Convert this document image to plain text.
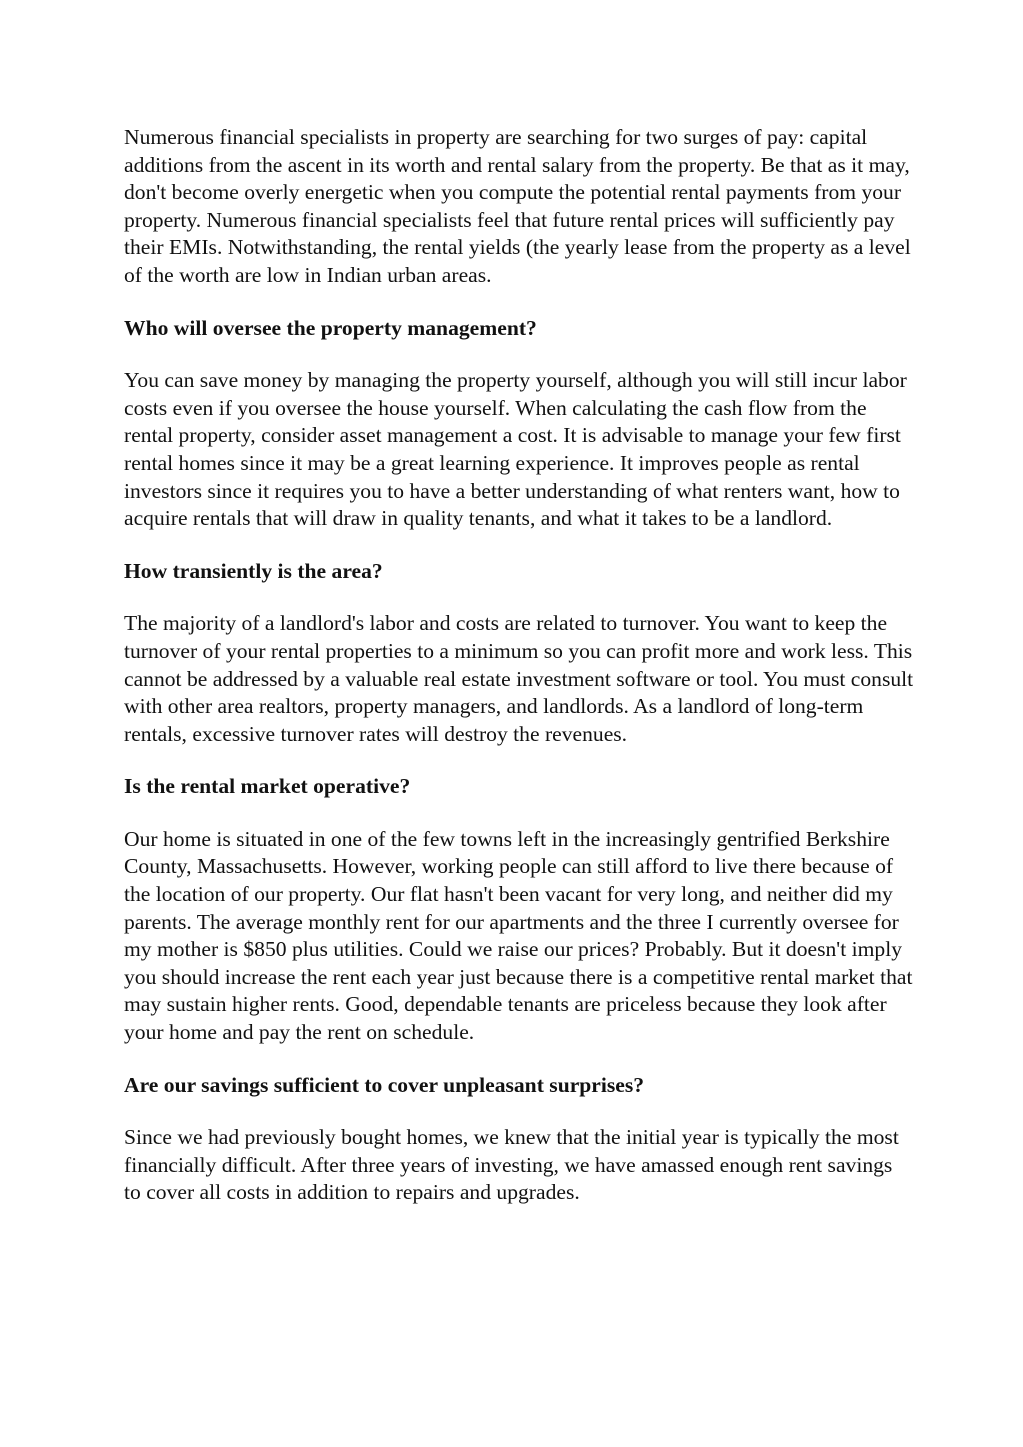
Numerous financial specialists in property are searching for two surges of pay: capital additions from the ascent in its worth and rental salary from the property. Be that as it may, don't become overly energetic when you compute the potential rental payments from your property. Numerous financial specialists feel that future rental prices will sufficiently pay their EMIs. Notwithstanding, the rental yields (the yearly lease from the property as a level of the worth are low in Indian urban areas.

Who will oversee the property management?

You can save money by managing the property yourself, although you will still incur labor costs even if you oversee the house yourself. When calculating the cash flow from the rental property, consider asset management a cost. It is advisable to manage your few first rental homes since it may be a great learning experience. It improves people as rental investors since it requires you to have a better understanding of what renters want, how to acquire rentals that will draw in quality tenants, and what it takes to be a landlord.

How transiently is the area?

The majority of a landlord's labor and costs are related to turnover. You want to keep the turnover of your rental properties to a minimum so you can profit more and work less. This cannot be addressed by a valuable real estate investment software or tool. You must consult with other area realtors, property managers, and landlords. As a landlord of long-term rentals, excessive turnover rates will destroy the revenues.

Is the rental market operative?

Our home is situated in one of the few towns left in the increasingly gentrified Berkshire County, Massachusetts. However, working people can still afford to live there because of the location of our property. Our flat hasn't been vacant for very long, and neither did my parents. The average monthly rent for our apartments and the three I currently oversee for my mother is $850 plus utilities. Could we raise our prices? Probably. But it doesn't imply you should increase the rent each year just because there is a competitive rental market that may sustain higher rents. Good, dependable tenants are priceless because they look after your home and pay the rent on schedule.

Are our savings sufficient to cover unpleasant surprises?

Since we had previously bought homes, we knew that the initial year is typically the most financially difficult. After three years of investing, we have amassed enough rent savings to cover all costs in addition to repairs and upgrades.
